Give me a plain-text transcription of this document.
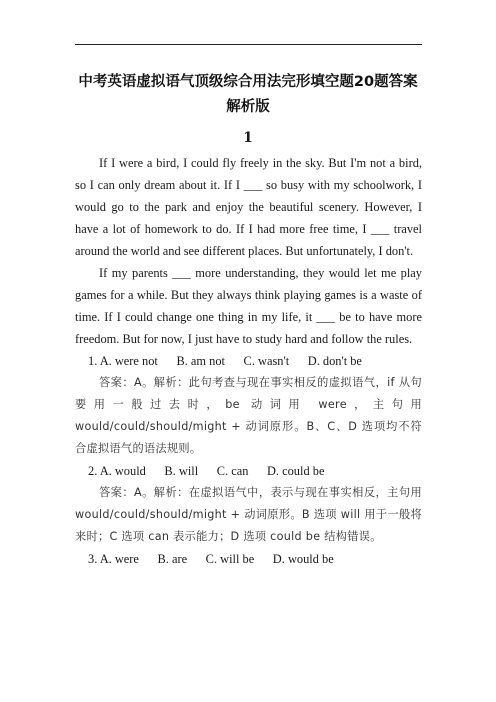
中考英语虚拟语气顶级综合用法完形填空题20题答案解析版
1

If I were a bird, I could fly freely in the sky. But I'm not a bird, so I can only dream about it. If I ___ so busy with my schoolwork, I would go to the park and enjoy the beautiful scenery. However, I have a lot of homework to do. If I had more free time, I ___ travel around the world and see different places. But unfortunately, I don't.

If my parents ___ more understanding, they would let me play games for a while. But they always think playing games is a waste of time. If I could change one thing in my life, it ___ be to have more freedom. But for now, I just have to study hard and follow the rules.

1. A. were not      B. am not      C. wasn't      D. don't be

答案：A。解析：此句考查与现在事实相反的虚拟语气，if 从句要用一般过去时，be 动词用 were，主句用 would/could/should/might + 动词原形。B、C、D 选项均不符合虚拟语气的语法规则。

2. A. would      B. will      C. can      D. could be

答案：A。解析：在虚拟语气中，表示与现在事实相反，主句用 would/could/should/might + 动词原形。B 选项 will 用于一般将来时；C 选项 can 表示能力；D 选项 could be 结构错误。

3. A. were      B. are      C. will be      D. would be
